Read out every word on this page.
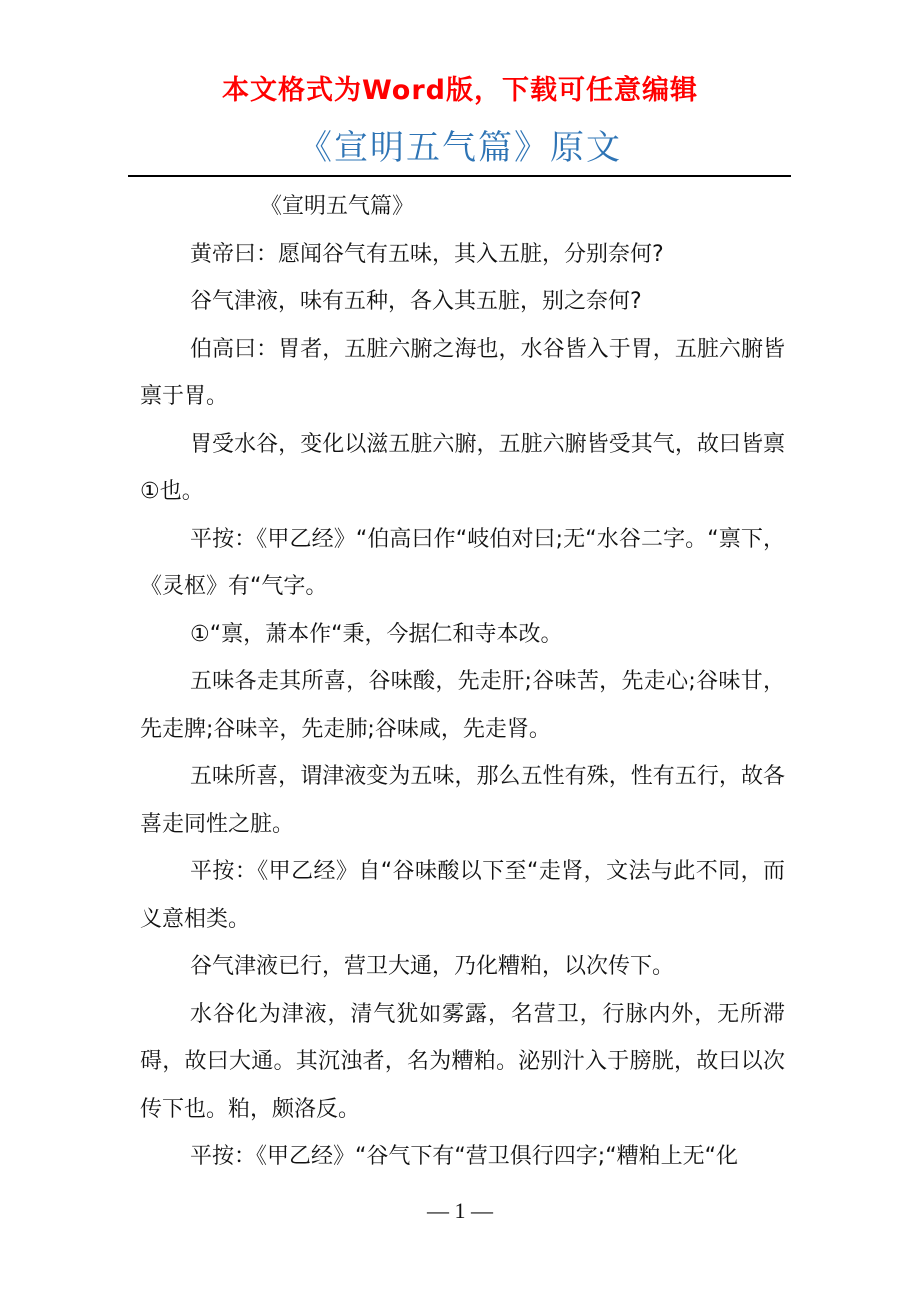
本文格式为Word版，下载可任意编辑
《宣明五气篇》原文

《宣明五气篇》

黄帝曰：愿闻谷气有五味，其入五脏，分别奈何?

谷气津液，味有五种，各入其五脏，别之奈何?

伯高曰：胃者，五脏六腑之海也，水谷皆入于胃，五脏六腑皆禀于胃。

胃受水谷，变化以滋五脏六腑，五脏六腑皆受其气，故曰皆禀①也。

平按：《甲乙经》“伯高曰作“岐伯对曰;无“水谷二字。“禀下，《灵枢》有“气字。

①“禀，萧本作“秉，今据仁和寺本改。

五味各走其所喜，谷味酸，先走肝;谷味苦，先走心;谷味甘，先走脾;谷味辛，先走肺;谷味咸，先走肾。

五味所喜，谓津液变为五味，那么五性有殊，性有五行，故各喜走同性之脏。

平按：《甲乙经》自“谷味酸以下至“走肾，文法与此不同，而义意相类。

谷气津液已行，营卫大通，乃化糟粕，以次传下。

水谷化为津液，清气犹如雾露，名营卫，行脉内外，无所滞碍，故曰大通。其沉浊者，名为糟粕。泌别汁入于膀胱，故曰以次传下也。粕，颇洛反。

平按：《甲乙经》“谷气下有“营卫俱行四字;“糟粕上无“化

— 1 —
